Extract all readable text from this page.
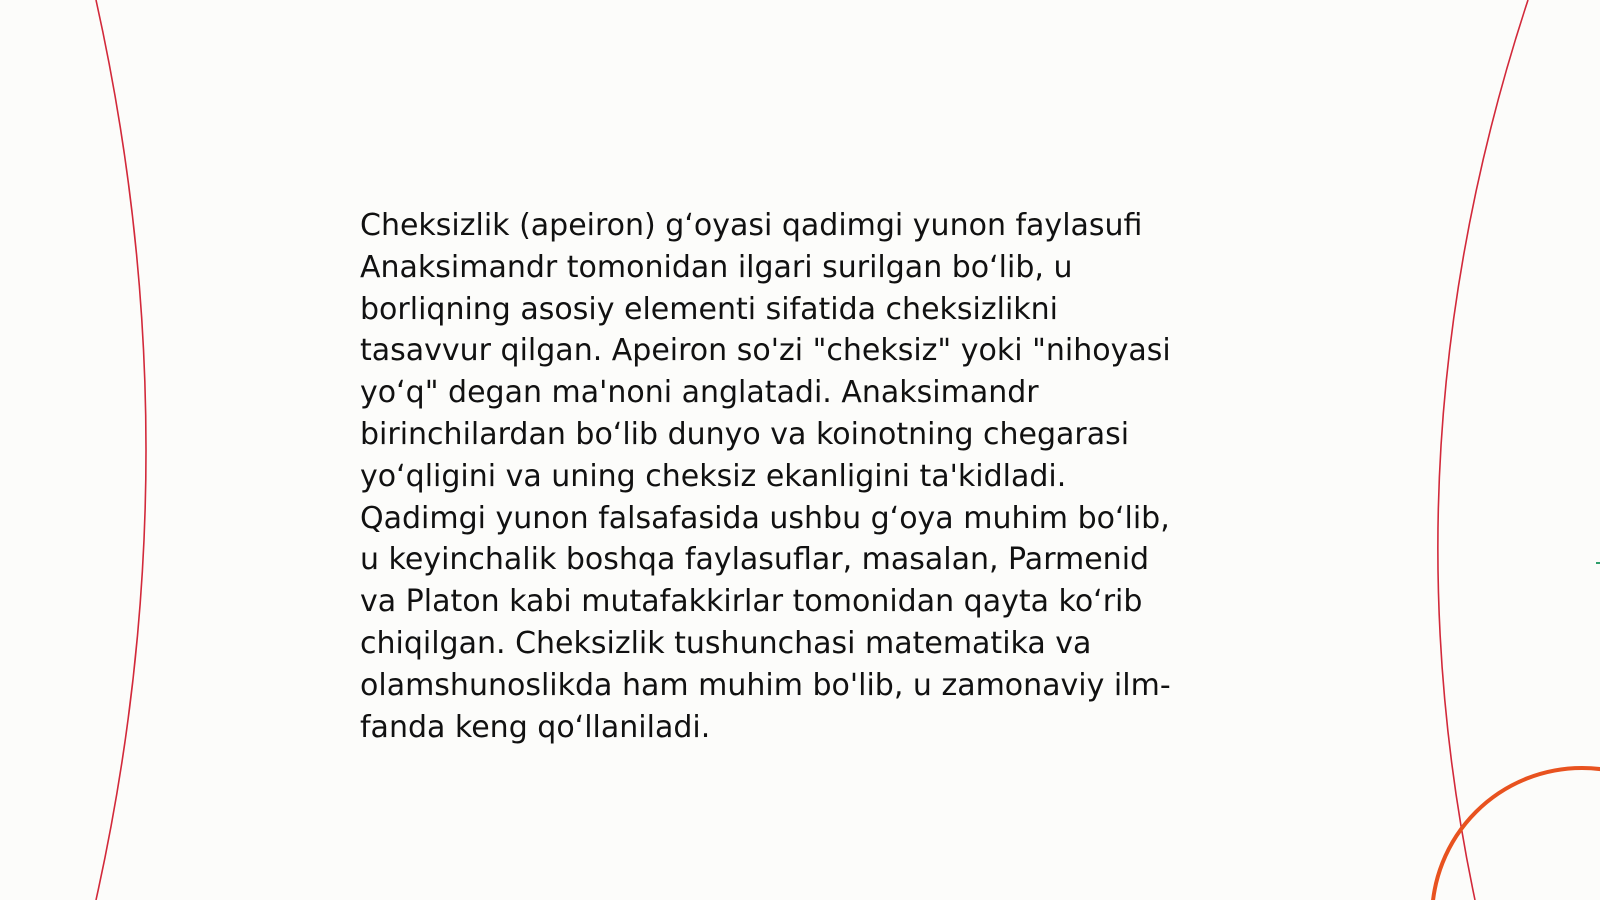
Cheksizlik (apeiron) g‘oyasi qadimgi yunon faylasufi
Anaksimandr tomonidan ilgari surilgan bo‘lib, u
borliqning asosiy elementi sifatida cheksizlikni
tasavvur qilgan. Apeiron so'zi "cheksiz" yoki "nihoyasi
yo‘q" degan ma'noni anglatadi. Anaksimandr
birinchilardan bo‘lib dunyo va koinotning chegarasi
yo‘qligini va uning cheksiz ekanligini ta'kidladi.
Qadimgi yunon falsafasida ushbu g‘oya muhim bo‘lib,
u keyinchalik boshqa faylasuflar, masalan, Parmenid
va Platon kabi mutafakkirlar tomonidan qayta ko‘rib
chiqilgan. Cheksizlik tushunchasi matematika va
olamshunoslikda ham muhim bo'lib, u zamonaviy ilm-
fanda keng qo‘llaniladi.
